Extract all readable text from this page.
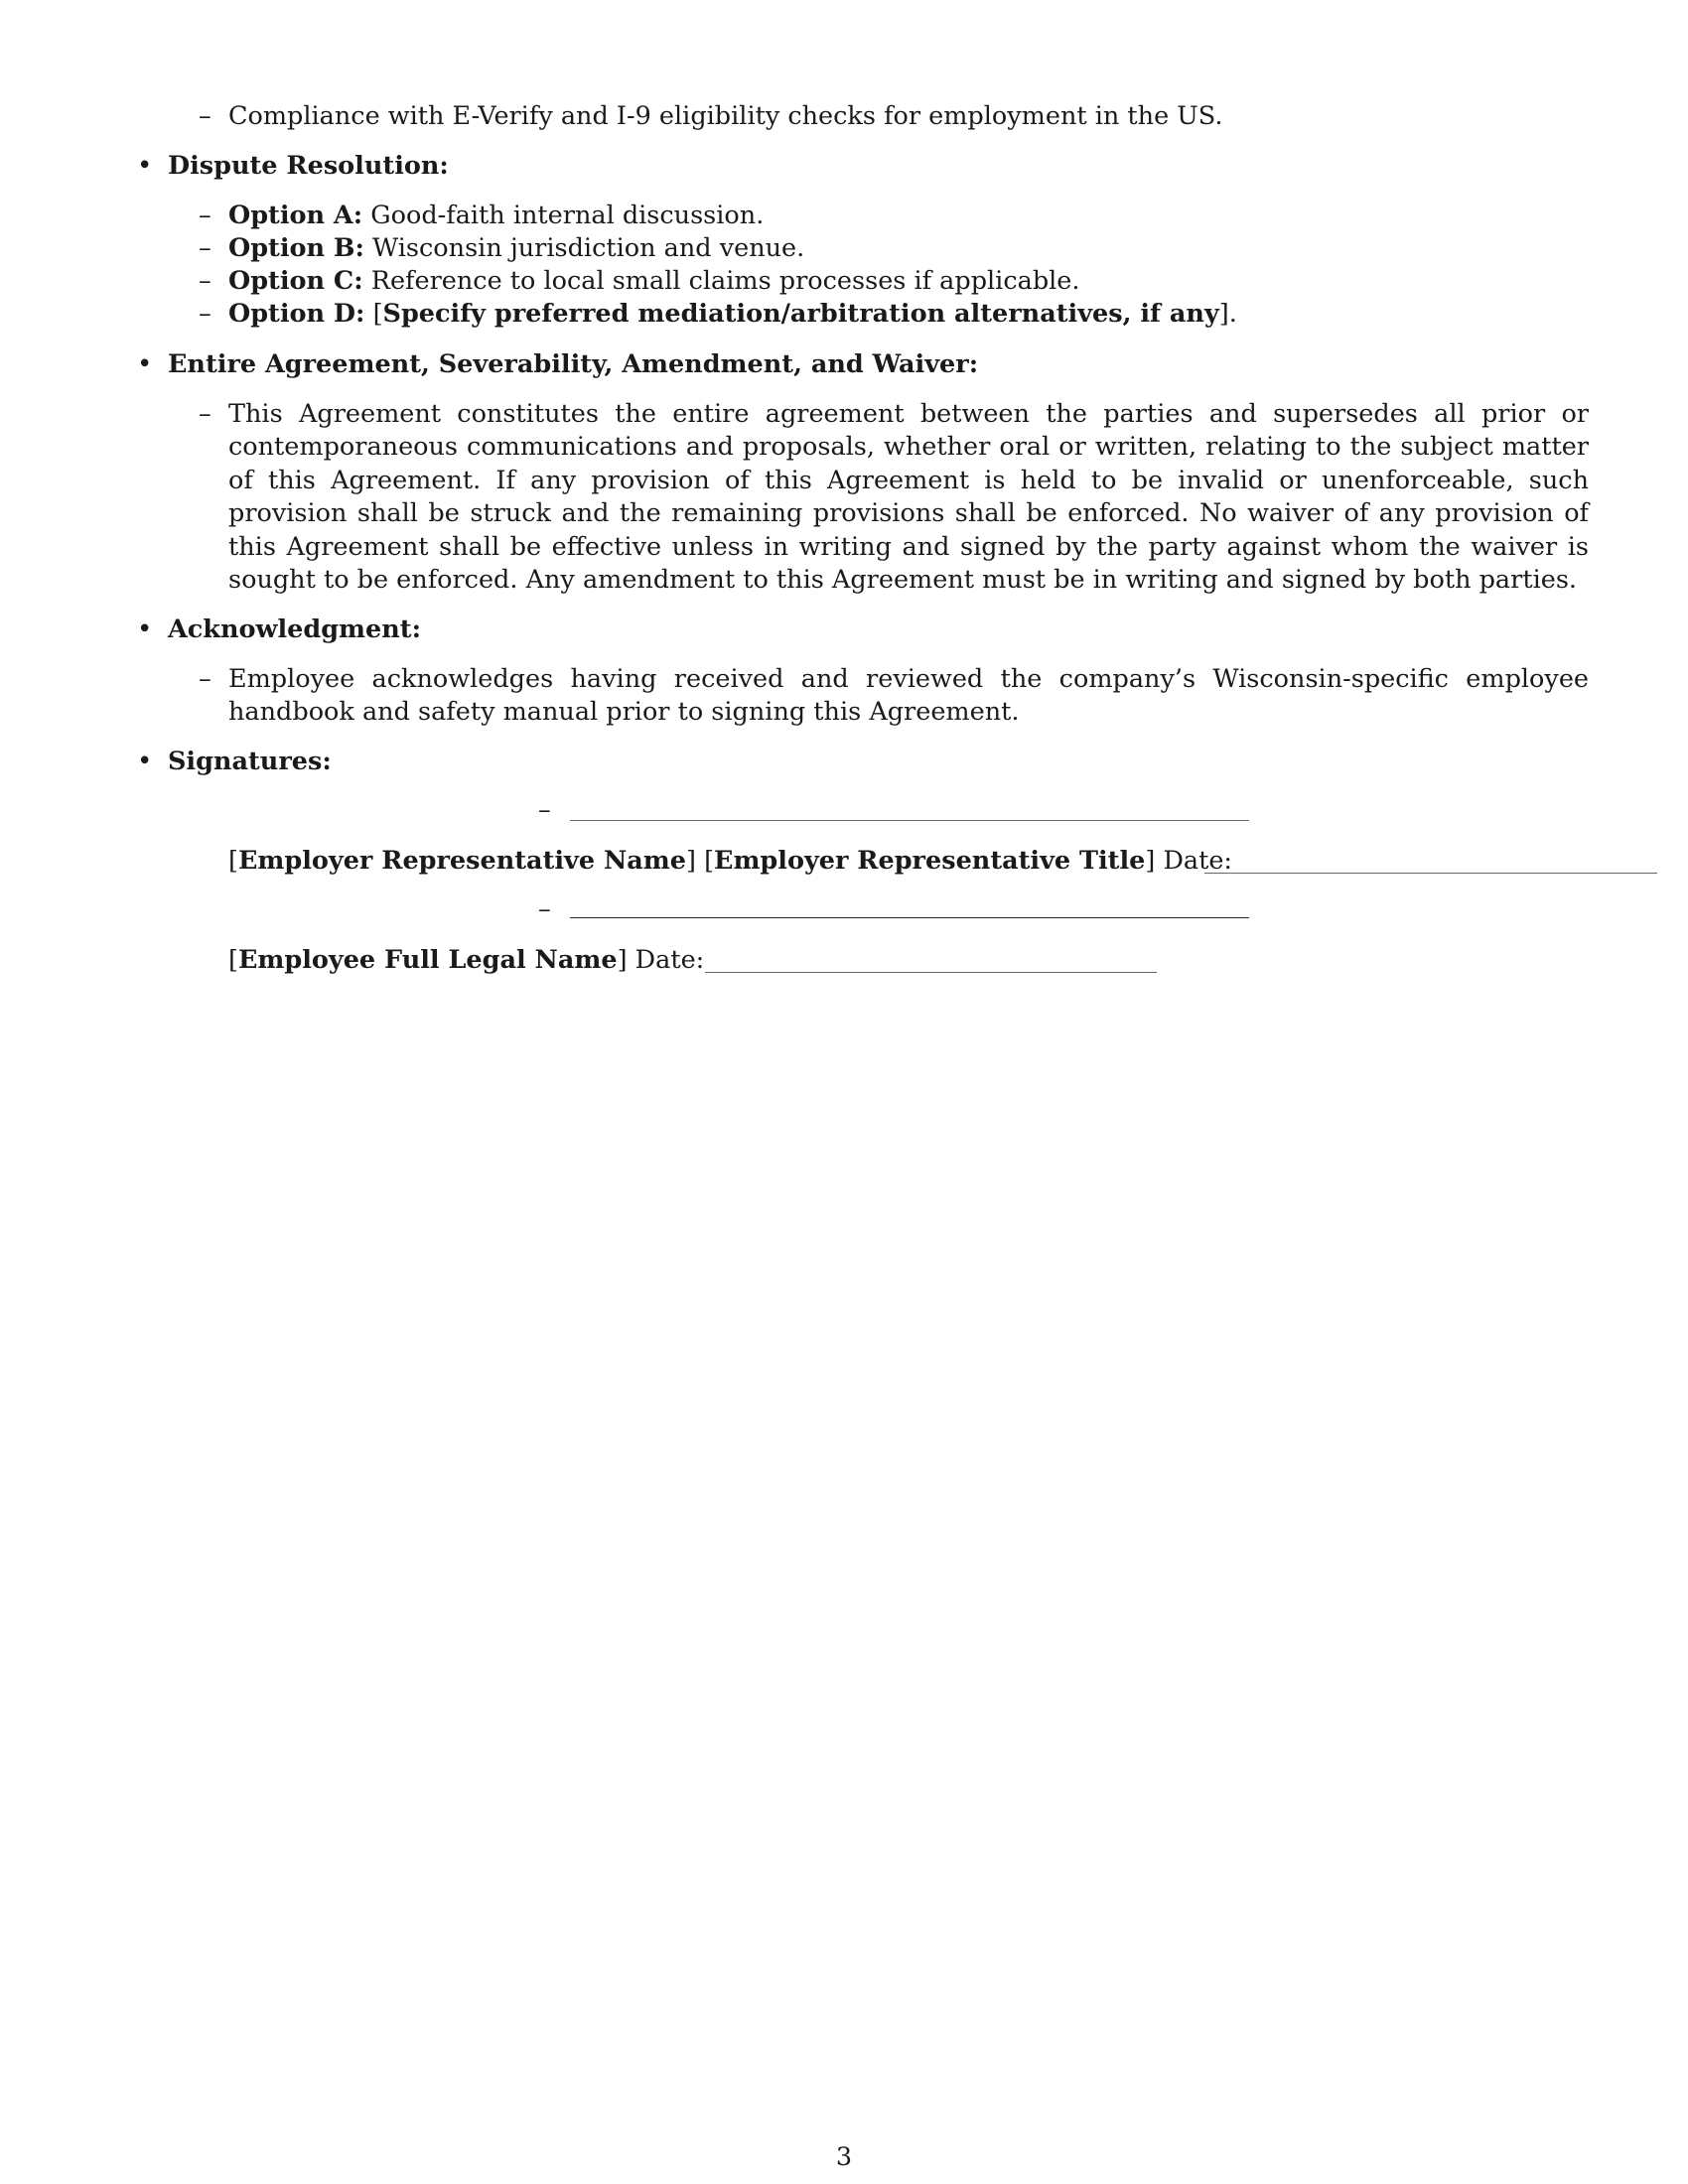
– Compliance with E-Verify and I-9 eligibility checks for employment in the US.
• Dispute Resolution:
– Option A: Good-faith internal discussion.
– Option B: Wisconsin jurisdiction and venue.
– Option C: Reference to local small claims processes if applicable.
– Option D: [Specify preferred mediation/arbitration alternatives, if any].
• Entire Agreement, Severability, Amendment, and Waiver:
– This Agreement constitutes the entire agreement between the parties and supersedes all prior or contemporaneous communications and proposals, whether oral or written, relating to the subject matter of this Agreement. If any provision of this Agreement is held to be invalid or unenforceable, such provision shall be struck and the remaining provisions shall be enforced. No waiver of any provision of this Agreement shall be effective unless in writing and signed by the party against whom the waiver is sought to be enforced. Any amendment to this Agreement must be in writing and signed by both parties.
• Acknowledgment:
– Employee acknowledges having received and reviewed the company’s Wisconsin-specific employee handbook and safety manual prior to signing this Agreement.
• Signatures:
–
[Employer Representative Name] [Employer Representative Title] Date:
–
[Employee Full Legal Name] Date:
3
